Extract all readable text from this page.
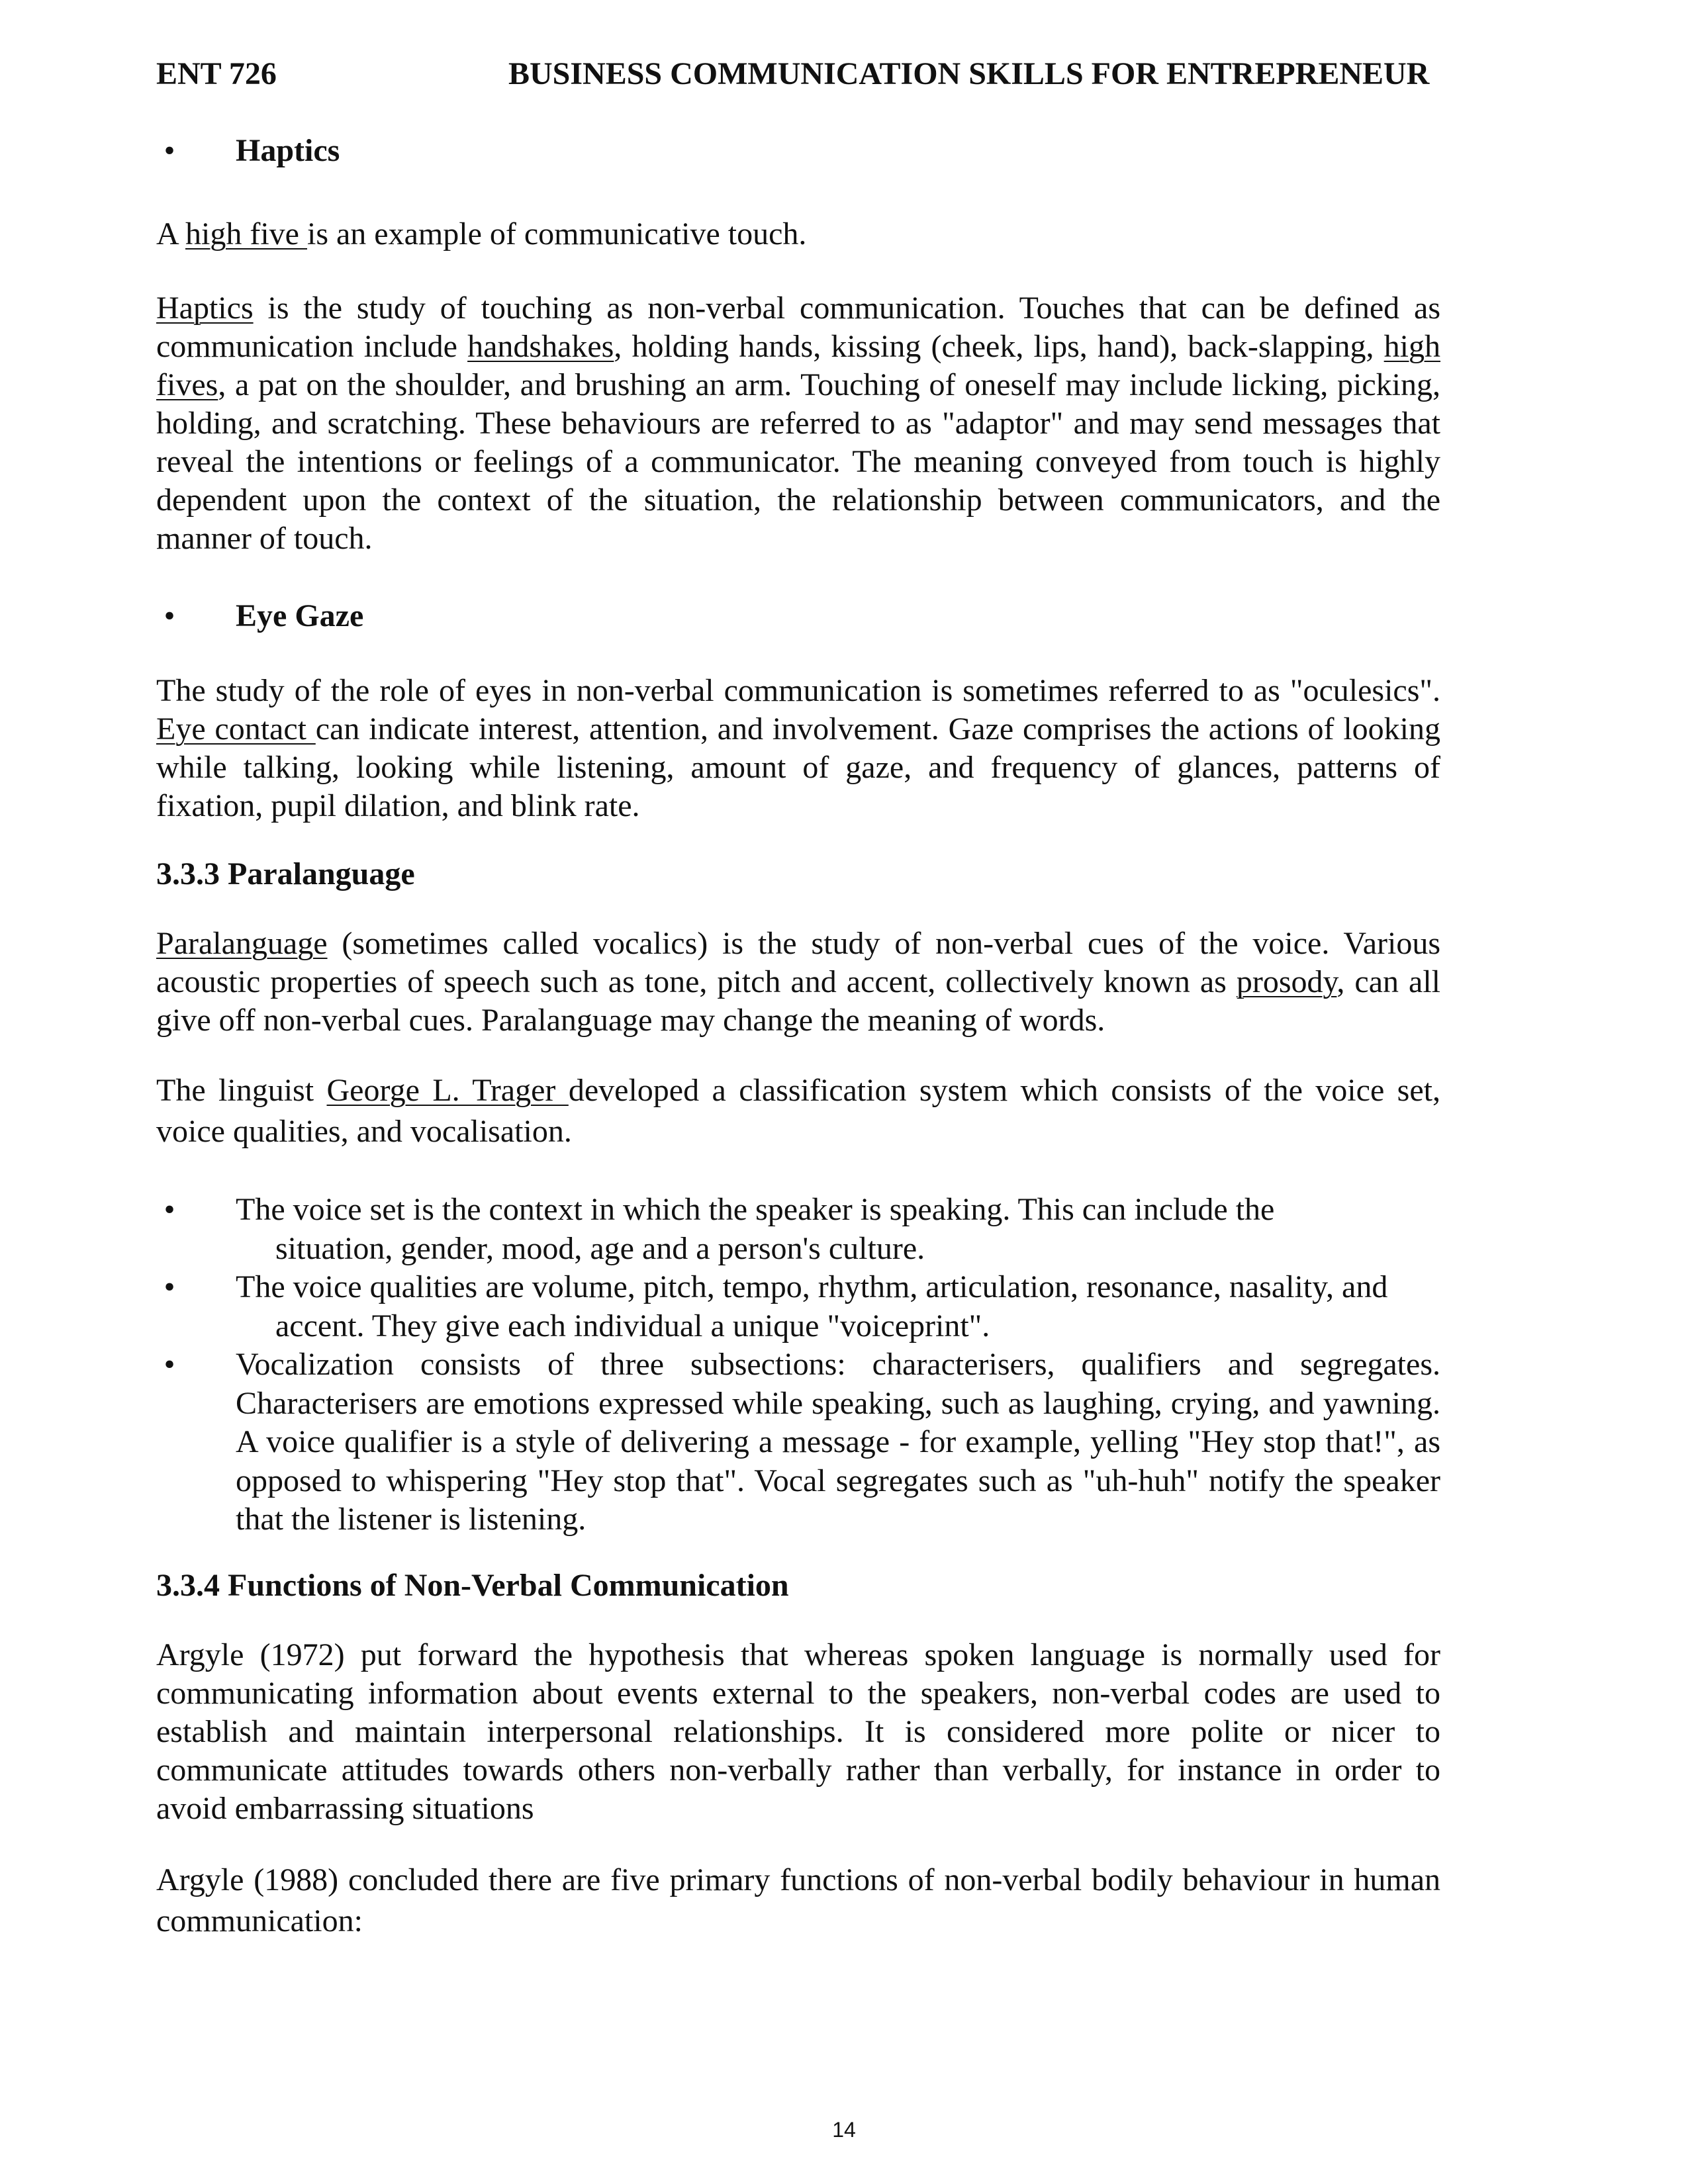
ENT 726	BUSINESS COMMUNICATION SKILLS FOR ENTREPRENEUR

• Haptics

A high five is an example of communicative touch.

Haptics is the study of touching as non-verbal communication. Touches that can be defined as communication include handshakes, holding hands, kissing (cheek, lips, hand), back-slapping, high fives, a pat on the shoulder, and brushing an arm. Touching of oneself may include licking, picking, holding, and scratching. These behaviours are referred to as "adaptor" and may send messages that reveal the intentions or feelings of a communicator. The meaning conveyed from touch is highly dependent upon the context of the situation, the relationship between communicators, and the manner of touch.

• Eye Gaze

The study of the role of eyes in non-verbal communication is sometimes referred to as "oculesics". Eye contact can indicate interest, attention, and involvement. Gaze comprises the actions of looking while talking, looking while listening, amount of gaze, and frequency of glances, patterns of fixation, pupil dilation, and blink rate.

3.3.3 Paralanguage

Paralanguage (sometimes called vocalics) is the study of non-verbal cues of the voice. Various acoustic properties of speech such as tone, pitch and accent, collectively known as prosody, can all give off non-verbal cues. Paralanguage may change the meaning of words.

The linguist George L. Trager developed a classification system which consists of the voice set, voice qualities, and vocalisation.

• The voice set is the context in which the speaker is speaking. This can include the
situation, gender, mood, age and a person's culture.
• The voice qualities are volume, pitch, tempo, rhythm, articulation, resonance, nasality, and
accent. They give each individual a unique "voiceprint".
• Vocalization consists of three subsections: characterisers, qualifiers and segregates. Characterisers are emotions expressed while speaking, such as laughing, crying, and yawning. A voice qualifier is a style of delivering a message - for example, yelling "Hey stop that!", as opposed to whispering "Hey stop that". Vocal segregates such as "uh-huh" notify the speaker that the listener is listening.

3.3.4 Functions of Non-Verbal Communication

Argyle (1972) put forward the hypothesis that whereas spoken language is normally used for communicating information about events external to the speakers, non-verbal codes are used to establish and maintain interpersonal relationships. It is considered more polite or nicer to communicate attitudes towards others non-verbally rather than verbally, for instance in order to avoid embarrassing situations

Argyle (1988) concluded there are five primary functions of non-verbal bodily behaviour in human communication:

14
